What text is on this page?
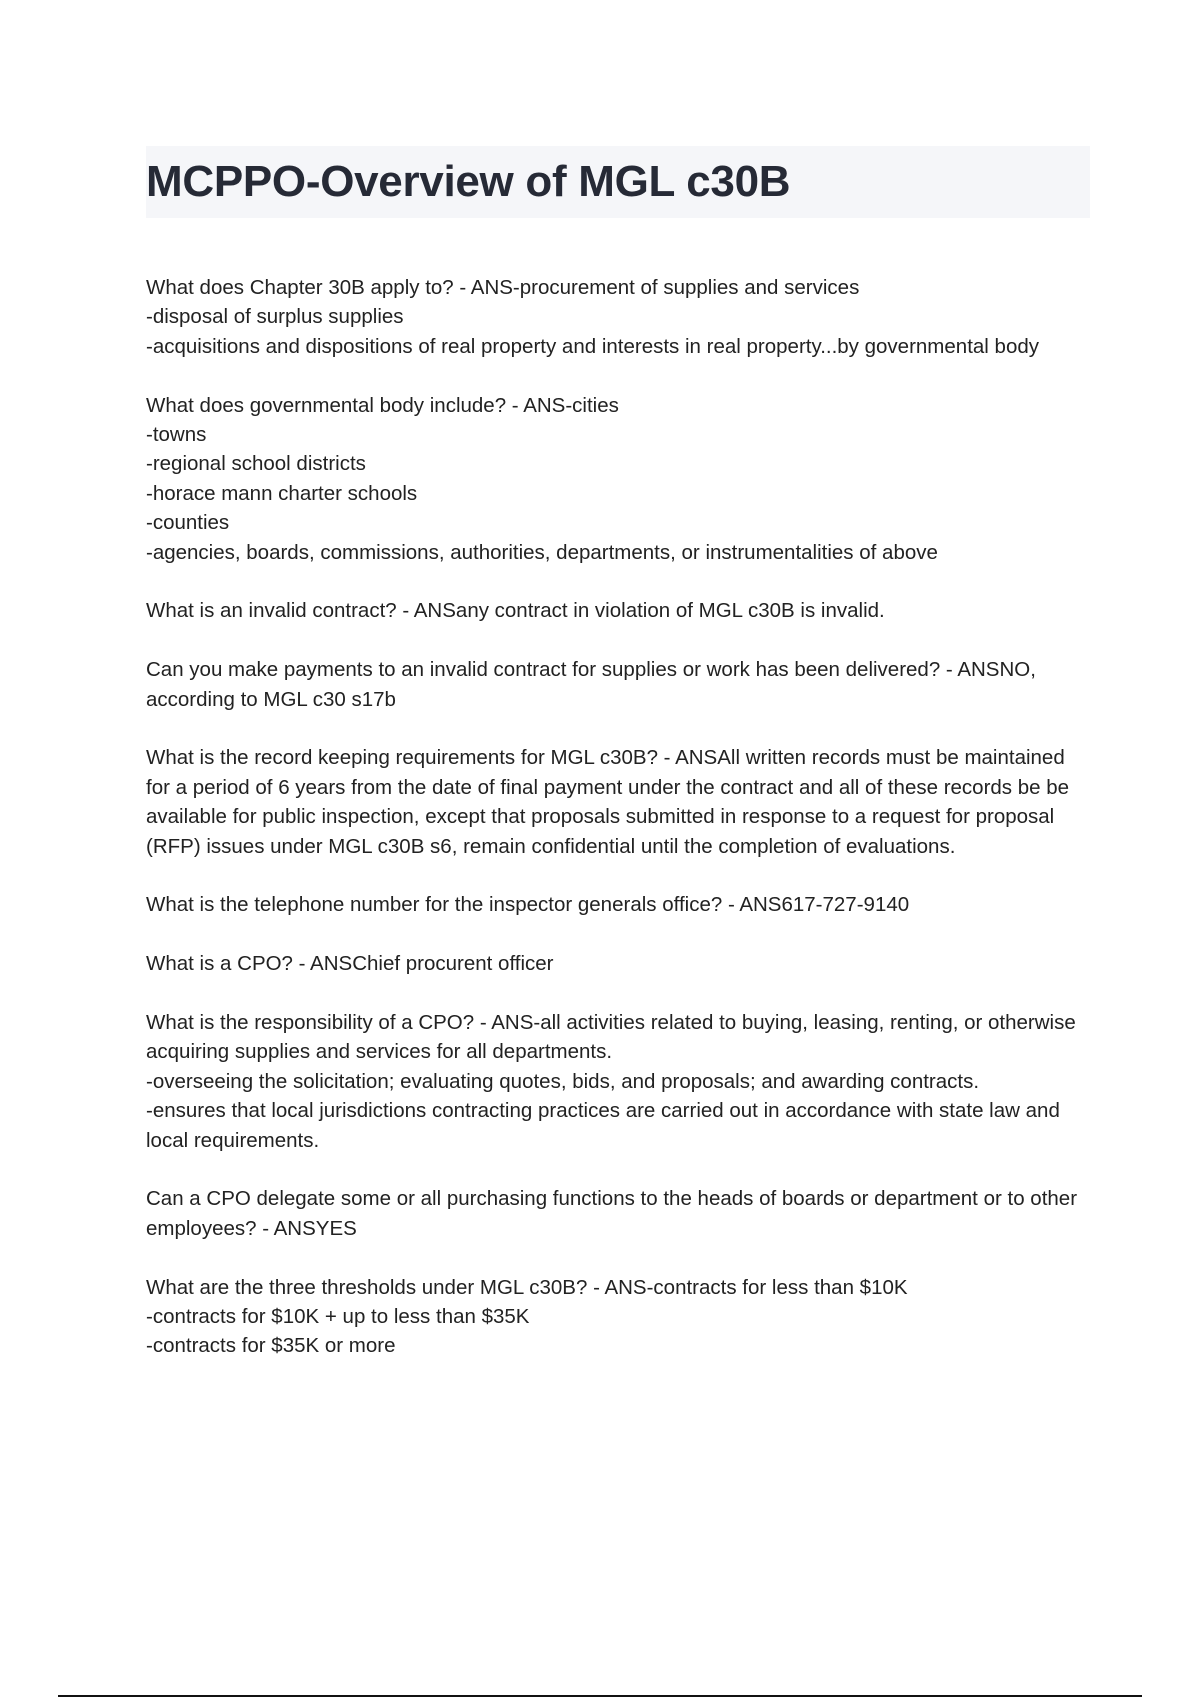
MCPPO-Overview of MGL c30B
What does Chapter 30B apply to? - ANS-procurement of supplies and services
-disposal of surplus supplies
-acquisitions and dispositions of real property and interests in real property...by governmental body
What does governmental body include? - ANS-cities
-towns
-regional school districts
-horace mann charter schools
-counties
-agencies, boards, commissions, authorities, departments, or instrumentalities of above
What is an invalid contract? - ANSany contract in violation of MGL c30B is invalid.
Can you make payments to an invalid contract for supplies or work has been delivered? - ANSNO, according to MGL c30 s17b
What is the record keeping requirements for MGL c30B? - ANSAll written records must be maintained for a period of 6 years from the date of final payment under the contract and all of these records be be available for public inspection, except that proposals submitted in response to a request for proposal (RFP) issues under MGL c30B s6, remain confidential until the completion of evaluations.
What is the telephone number for the inspector generals office? - ANS617-727-9140
What is a CPO? - ANSChief procurent officer
What is the responsibility of a CPO? - ANS-all activities related to buying, leasing, renting, or otherwise acquiring supplies and services for all departments.
-overseeing the solicitation; evaluating quotes, bids, and proposals; and awarding contracts.
-ensures that local jurisdictions contracting practices are carried out in accordance with state law and local requirements.
Can a CPO delegate some or all purchasing functions to the heads of boards or department or to other employees? - ANSYES
What are the three thresholds under MGL c30B? - ANS-contracts for less than $10K
-contracts for $10K + up to less than $35K
-contracts for $35K or more
